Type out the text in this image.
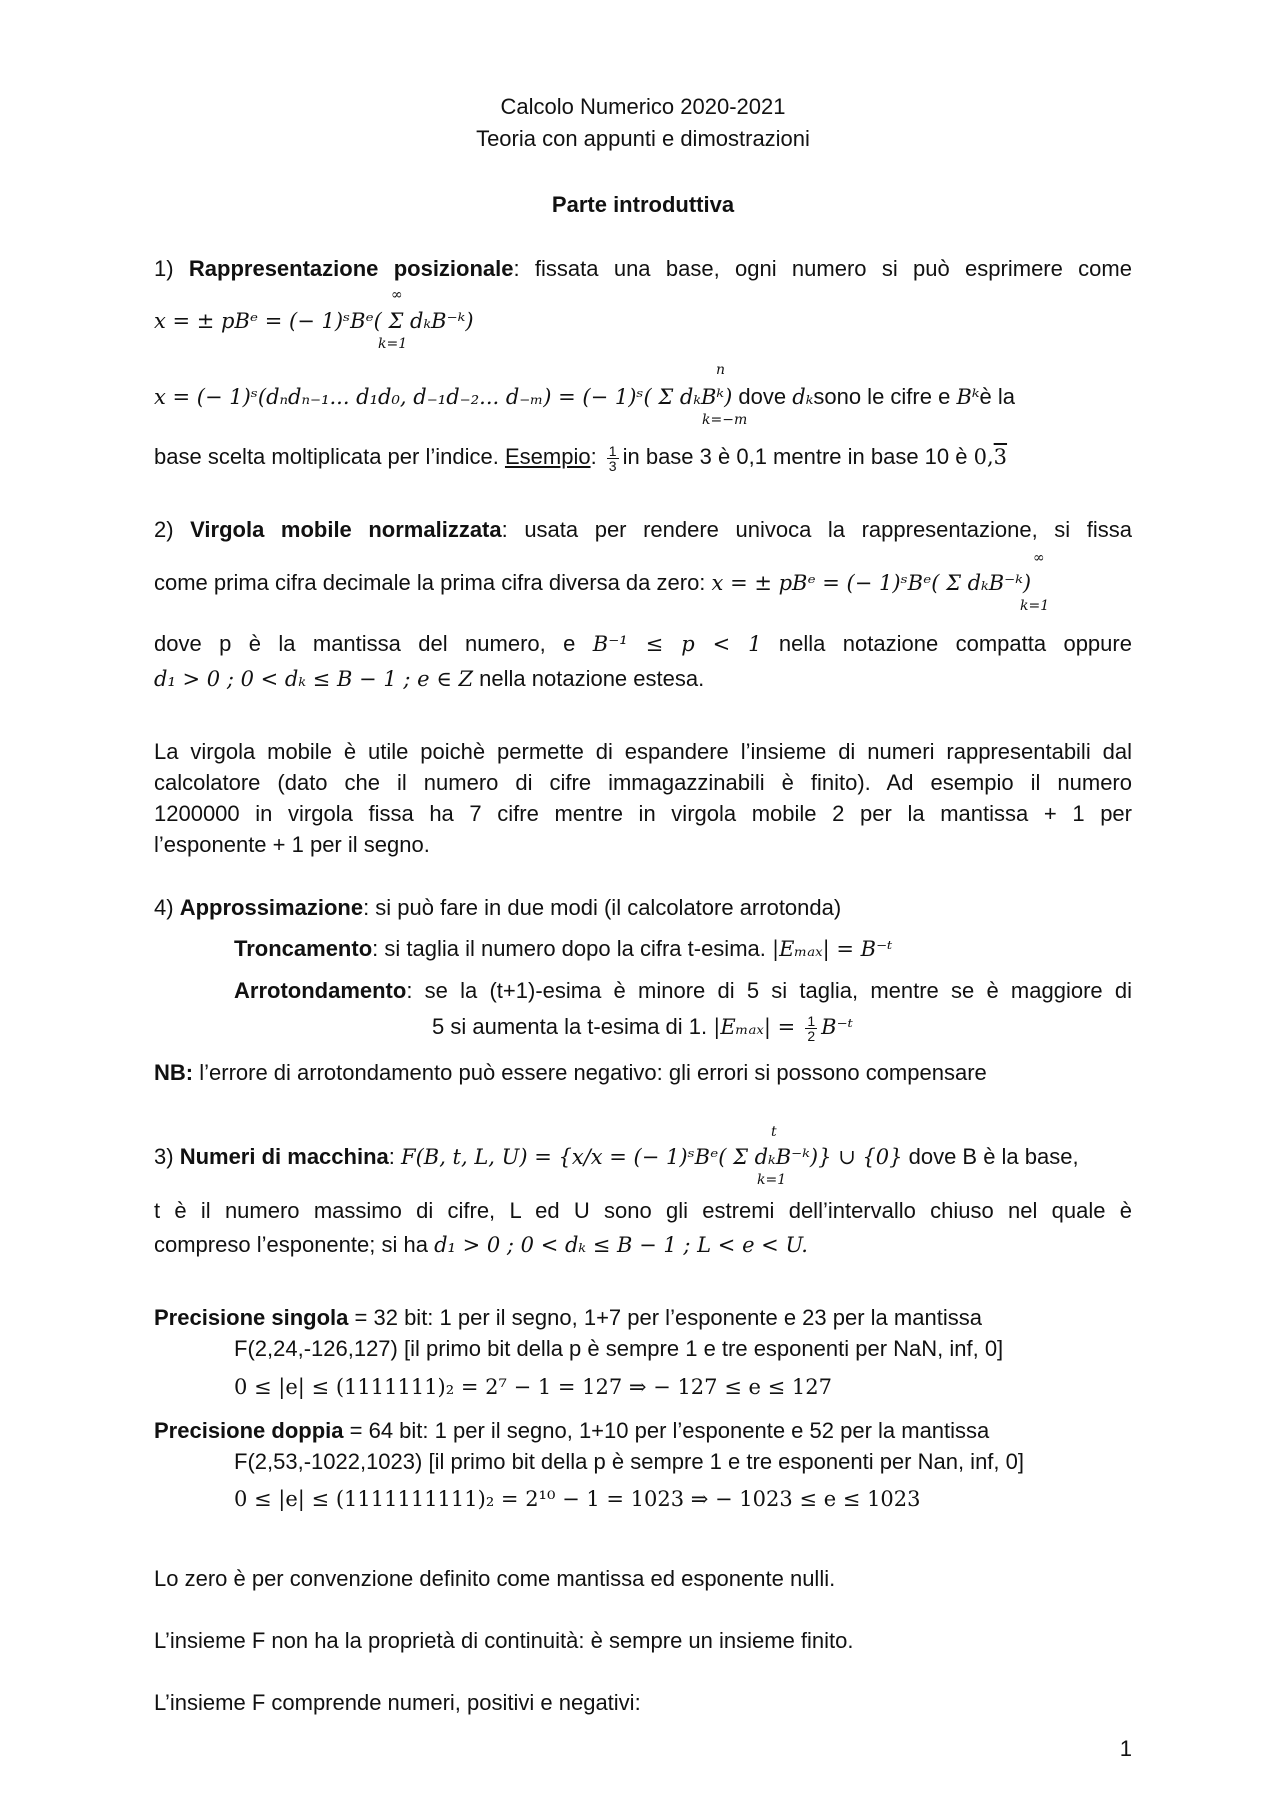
Calcolo Numerico 2020-2021
Teoria con appunti e dimostrazioni
Parte introduttiva
1) Rappresentazione posizionale: fissata una base, ogni numero si può esprimere come
∞
x = ± pBᵉ = (− 1)ˢBᵉ( Σ dₖB⁻ᵏ)
k=1
n
x = (− 1)ˢ(dₙdₙ₋₁... d₁d₀, d₋₁d₋₂... d₋ₘ) = (− 1)ˢ( Σ dₖBᵏ) dove dₖsono le cifre e Bᵏè la
k=−m
base scelta moltiplicata per l’indice. Esempio: $\frac{1}{3}$ in base 3 è 0,1 mentre in base 10 è 0,3
2) Virgola mobile normalizzata: usata per rendere univoca la rappresentazione, si fissa
∞
come prima cifra decimale la prima cifra diversa da zero: x = ± pBᵉ = (− 1)ˢBᵉ( Σ dₖB⁻ᵏ)
k=1
dove p è la mantissa del numero, e B⁻¹ ≤ p < 1 nella notazione compatta oppure
d₁ > 0 ; 0 < dₖ ≤ B − 1 ; e ∈ Z nella notazione estesa.
La virgola mobile è utile poichè permette di espandere l’insieme di numeri rappresentabili dal
calcolatore (dato che il numero di cifre immagazzinabili è finito). Ad esempio il numero
1200000 in virgola fissa ha 7 cifre mentre in virgola mobile 2 per la mantissa + 1 per
l’esponente + 1 per il segno.
4) Approssimazione: si può fare in due modi (il calcolatore arrotonda)
Troncamento: si taglia il numero dopo la cifra t-esima. |Eₘₐₓ| = B⁻ᵗ
Arrotondamento: se la (t+1)-esima è minore di 5 si taglia, mentre se è maggiore di
5 si aumenta la t-esima di 1. $|E_{max}| = \frac{1}{2}$ B⁻ᵗ
NB: l’errore di arrotondamento può essere negativo: gli errori si possono compensare
t
3) Numeri di macchina: F(B, t, L, U) = {x/x = (− 1)ˢBᵉ( Σ dₖB⁻ᵏ)} ∪ {0} dove B è la base,
k=1
t è il numero massimo di cifre, L ed U sono gli estremi dell’intervallo chiuso nel quale è
compreso l’esponente; si ha d₁ > 0 ; 0 < dₖ ≤ B − 1 ; L < e < U.
Precisione singola = 32 bit: 1 per il segno, 1+7 per l’esponente e 23 per la mantissa
F(2,24,-126,127) [il primo bit della p è sempre 1 e tre esponenti per NaN, inf, 0]
0 ≤ |e| ≤ (1111111)₂ = 2⁷ − 1 = 127 ⇒ − 127 ≤ e ≤ 127
Precisione doppia = 64 bit: 1 per il segno, 1+10 per l’esponente e 52 per la mantissa
F(2,53,-1022,1023) [il primo bit della p è sempre 1 e tre esponenti per Nan, inf, 0]
0 ≤ |e| ≤ (1111111111)₂ = 2¹⁰ − 1 = 1023 ⇒ − 1023 ≤ e ≤ 1023
Lo zero è per convenzione definito come mantissa ed esponente nulli.
L’insieme F non ha la proprietà di continuità: è sempre un insieme finito.
L’insieme F comprende numeri, positivi e negativi:
1
